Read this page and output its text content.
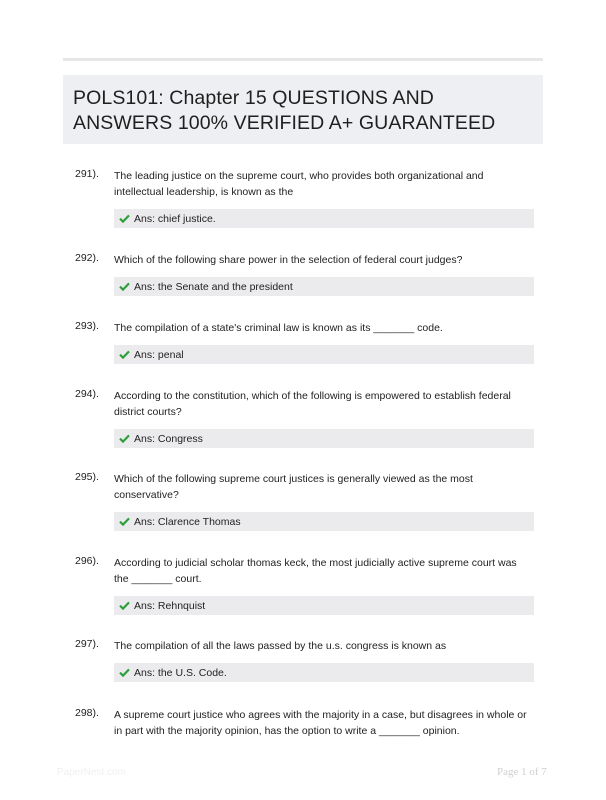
POLS101: Chapter 15 QUESTIONS AND
ANSWERS 100% VERIFIED A+ GUARANTEED
291). The leading justice on the supreme court, who provides both organizational and
intellectual leadership, is known as the
Ans: chief justice.
292). Which of the following share power in the selection of federal court judges?
Ans: the Senate and the president
293). The compilation of a state's criminal law is known as its _______ code.
Ans: penal
294). According to the constitution, which of the following is empowered to establish federal
district courts?
Ans: Congress
295). Which of the following supreme court justices is generally viewed as the most
conservative?
Ans: Clarence Thomas
296). According to judicial scholar thomas keck, the most judicially active supreme court was
the _______ court.
Ans: Rehnquist
297). The compilation of all the laws passed by the u.s. congress is known as
Ans: the U.S. Code.
298). A supreme court justice who agrees with the majority in a case, but disagrees in whole or
in part with the majority opinion, has the option to write a _______ opinion.
PaperNest.com	Page 1 of 7
